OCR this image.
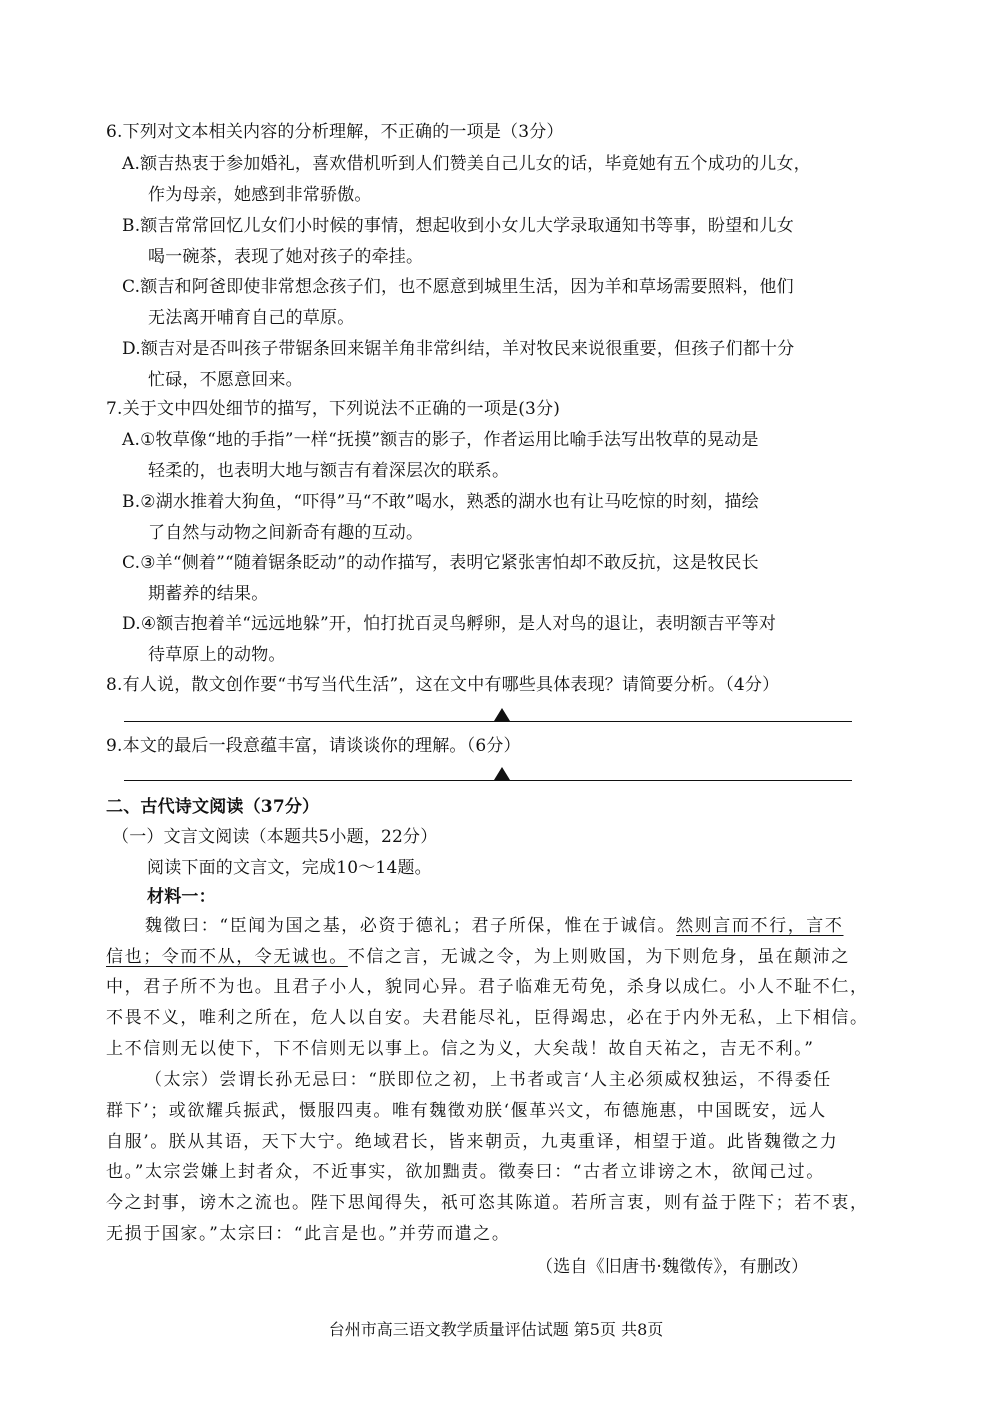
6.下列对文本相关内容的分析理解，不正确的一项是（3分）
A.额吉热衷于参加婚礼，喜欢借机听到人们赞美自己儿女的话，毕竟她有五个成功的儿女，
作为母亲，她感到非常骄傲。
B.额吉常常回忆儿女们小时候的事情，想起收到小女儿大学录取通知书等事，盼望和儿女
喝一碗茶，表现了她对孩子的牵挂。
C.额吉和阿爸即使非常想念孩子们，也不愿意到城里生活，因为羊和草场需要照料，他们
无法离开哺育自己的草原。
D.额吉对是否叫孩子带锯条回来锯羊角非常纠结，羊对牧民来说很重要，但孩子们都十分
忙碌，不愿意回来。
7.关于文中四处细节的描写，下列说法不正确的一项是(3分)
A.①牧草像“地的手指”一样“抚摸”额吉的影子，作者运用比喻手法写出牧草的晃动是
轻柔的，也表明大地与额吉有着深层次的联系。
B.②湖水推着大狗鱼，“吓得”马“不敢”喝水，熟悉的湖水也有让马吃惊的时刻，描绘
了自然与动物之间新奇有趣的互动。
C.③羊“侧着”“随着锯条眨动”的动作描写，表明它紧张害怕却不敢反抗，这是牧民长
期蓄养的结果。
D.④额吉抱着羊“远远地躲”开，怕打扰百灵鸟孵卵，是人对鸟的退让，表明额吉平等对
待草原上的动物。
8.有人说，散文创作要“书写当代生活”，这在文中有哪些具体表现？请简要分析。（4分）
9.本文的最后一段意蕴丰富，请谈谈你的理解。（6分）
二、古代诗文阅读（37分）
（一）文言文阅读（本题共5小题，22分）
阅读下面的文言文，完成10～14题。
材料一：
魏徵曰：“臣闻为国之基，必资于德礼；君子所保，惟在于诚信。然则言而不行，言不
信也；令而不从，令无诚也。不信之言，无诚之令，为上则败国，为下则危身，虽在颠沛之
中，君子所不为也。且君子小人，貌同心异。君子临难无苟免，杀身以成仁。小人不耻不仁，
不畏不义，唯利之所在，危人以自安。夫君能尽礼，臣得竭忠，必在于内外无私，上下相信。
上不信则无以使下，下不信则无以事上。信之为义，大矣哉！故自天祐之，吉无不利。”
（太宗）尝谓长孙无忌曰：“朕即位之初，上书者或言‘人主必须威权独运，不得委任
群下’；或欲耀兵振武，慑服四夷。唯有魏徵劝朕‘偃革兴文，布德施惠，中国既安，远人
自服’。朕从其语，天下大宁。绝域君长，皆来朝贡，九夷重译，相望于道。此皆魏徵之力
也。”太宗尝嫌上封者众，不近事实，欲加黜责。徵奏曰：“古者立诽谤之木，欲闻己过。
今之封事，谤木之流也。陛下思闻得失，祇可恣其陈道。若所言衷，则有益于陛下；若不衷，
无损于国家。”太宗曰：“此言是也。”并劳而遣之。
（选自《旧唐书·魏徵传》，有删改）
台州市高三语文教学质量评估试题 第5页 共8页
